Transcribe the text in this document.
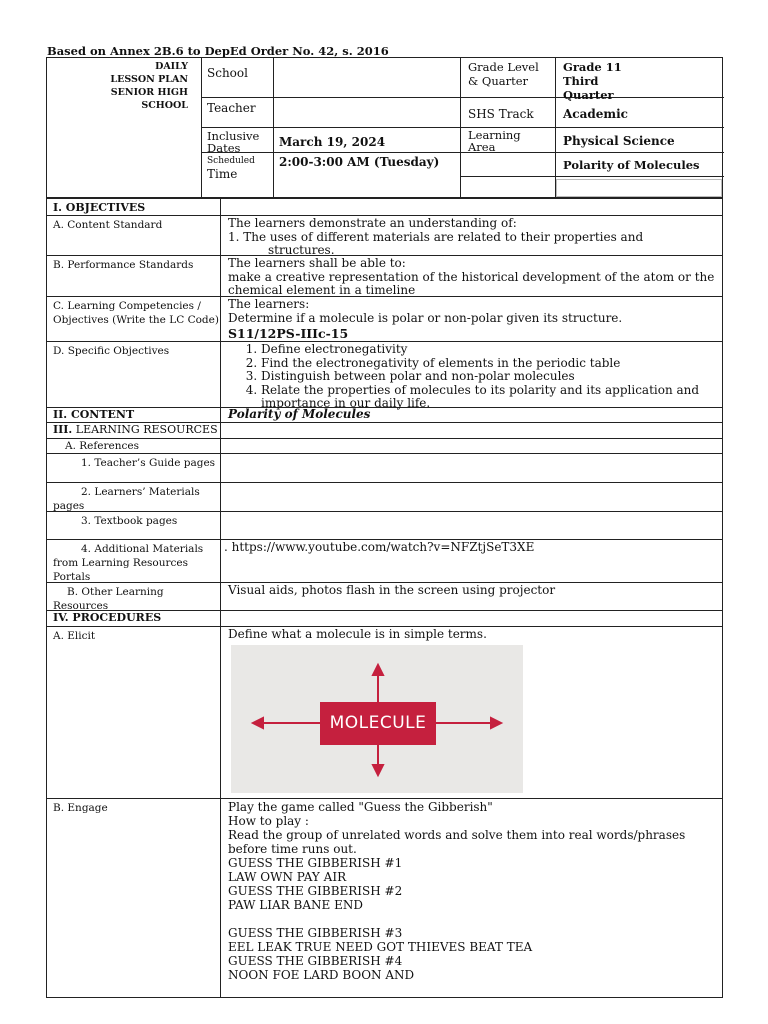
Based on Annex 2B.6 to DepEd Order No. 42, s. 2016
DAILY
LESSON PLAN
SENIOR HIGH
SCHOOL
School
Teacher
Inclusive
Dates	March 19, 2024
Scheduled
Time
2:00-3:00 AM (Tuesday)
Grade Level
& Quarter
Grade 11
Third
Quarter
SHS Track Academic
Learning
Area	Physical Science
Polarity of Molecules
I. OBJECTIVES
A. Content Standard	The learners demonstrate an understanding of:
1. The uses of different materials are related to their properties and
structures.
B. Performance Standards	The learners shall be able to:
make a creative representation of the historical development of the atom or the chemical element in a timeline
C. Learning Competencies / Objectives (Write the LC Code)
The learners:
Determine if a molecule is polar or non-polar given its structure.
S11/12PS-IIIc-15
D. Specific Objectives
1.	Define electronegativity
2. Find the electronegativity of elements in the periodic table
3. Distinguish between polar and non-polar molecules
4. Relate the properties of molecules to its polarity and its application and importance in our daily life.
II. CONTENT	Polarity of Molecules
III. LEARNING RESOURCES
A. References
1. Teacher’s Guide pages
2. Learners’ Materials pages
3. Textbook pages
4. Additional Materials from Learning Resources Portals
. https://www.youtube.com/watch?v=NFZtjSeT3XE
B. Other Learning Resources
Visual aids, photos flash in the screen using projector
IV. PROCEDURES
A. Elicit	Define what a molecule is in simple terms.
MOLECULE
B. Engage	Play the game called "Guess the Gibberish"
How to play :
Read the group of unrelated words and solve them into real words/phrases before time runs out.
GUESS THE GIBBERISH #1
LAW OWN PAY AIR
GUESS THE GIBBERISH #2
PAW LIAR BANE END
GUESS THE GIBBERISH #3
EEL LEAK TRUE NEED GOT THIEVES BEAT TEA
GUESS THE GIBBERISH #4
NOON FOE LARD BOON AND
